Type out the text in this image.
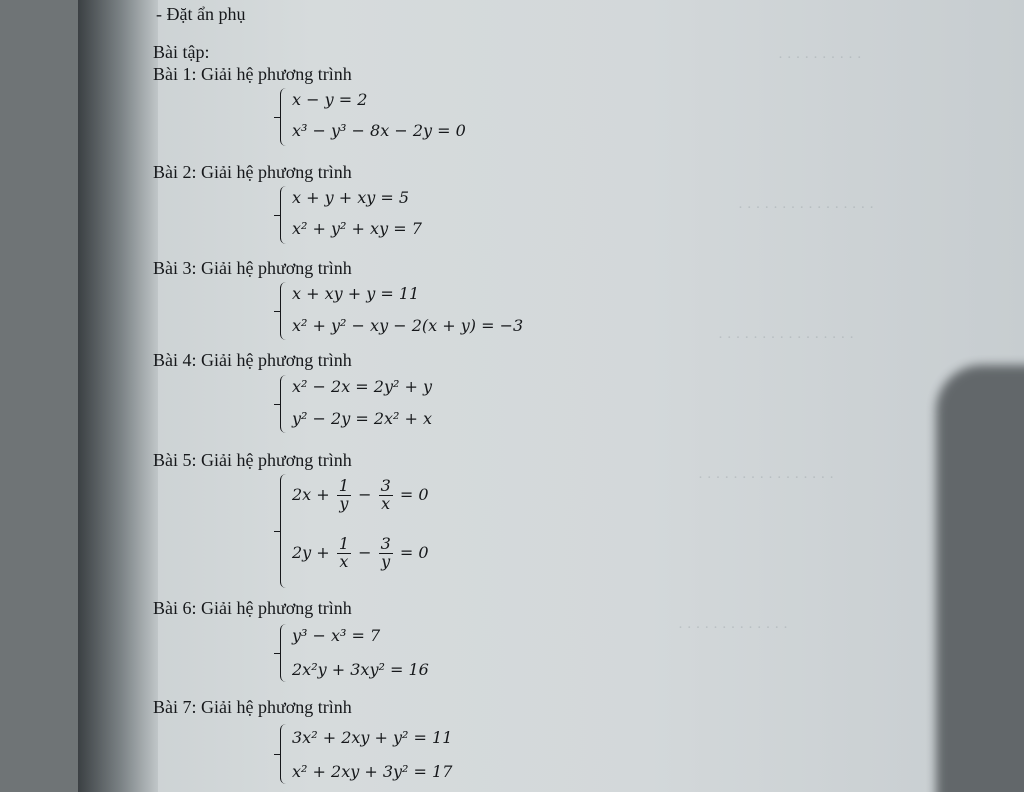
· · · · · · · · · ·
· · · · · · · · · · · · · · · ·
· · · · · · · · · · · · · · · ·
· · · · · · · · · · · · · · · ·
· · · · · · · · · · · · ·
- Đặt ẩn phụ
Bài tập:
Bài 1: Giải hệ phương trình
x − y = 2
x³ − y³ − 8x − 2y = 0
Bài 2: Giải hệ phương trình
x + y + xy = 5
x² + y² + xy = 7
Bài 3: Giải hệ phương trình
x + xy + y = 11
x² + y² − xy − 2(x + y) = −3
Bài 4: Giải hệ phương trình
x² − 2x = 2y² + y
y² − 2y = 2x² + x
Bài 5: Giải hệ phương trình
$2x + \frac{1}{y} - \frac{3}{x} = 0$
$2y + \frac{1}{x} - \frac{3}{y} = 0$
Bài 6: Giải hệ phương trình
y³ − x³ = 7
2x²y + 3xy² = 16
Bài 7: Giải hệ phương trình
3x² + 2xy + y² = 11
x² + 2xy + 3y² = 17
